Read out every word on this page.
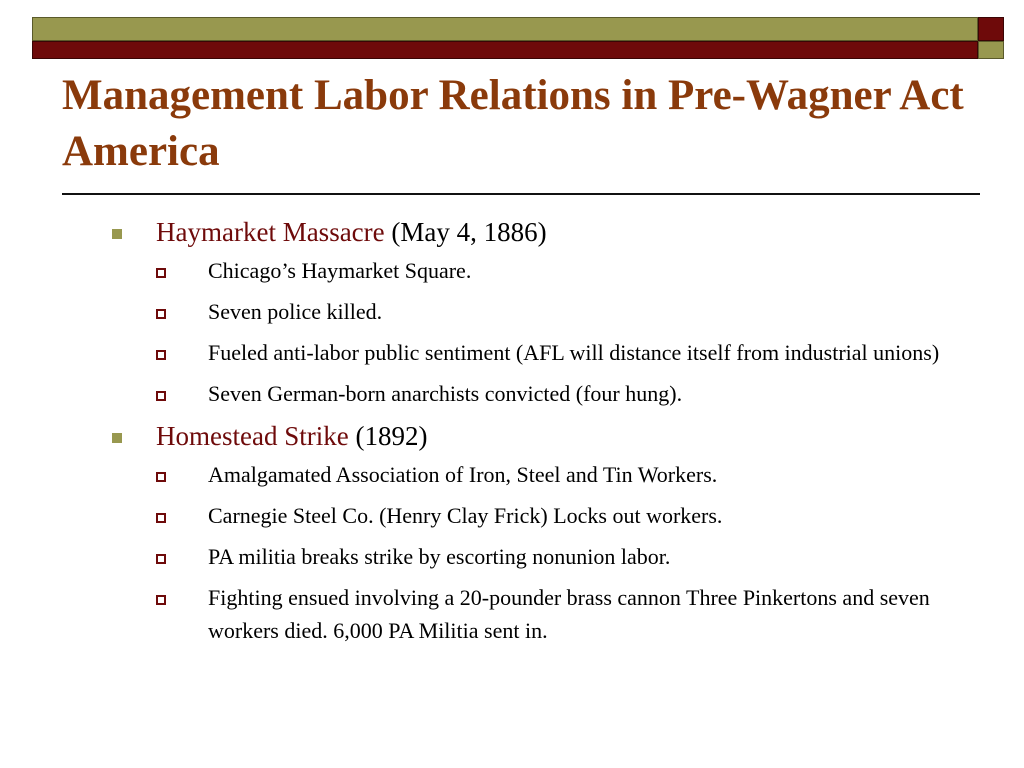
Management Labor Relations in Pre-Wagner Act America
Haymarket Massacre (May 4, 1886)
Chicago’s Haymarket Square.
Seven police killed.
Fueled anti-labor public sentiment (AFL will distance itself from industrial unions)
Seven German-born anarchists convicted (four hung).
Homestead Strike (1892)
Amalgamated Association of Iron, Steel and Tin Workers.
Carnegie Steel Co. (Henry Clay Frick) Locks out workers.
PA militia breaks strike by escorting nonunion labor.
Fighting ensued involving a 20-pounder brass cannon Three Pinkertons and seven workers died. 6,000 PA Militia sent in.
